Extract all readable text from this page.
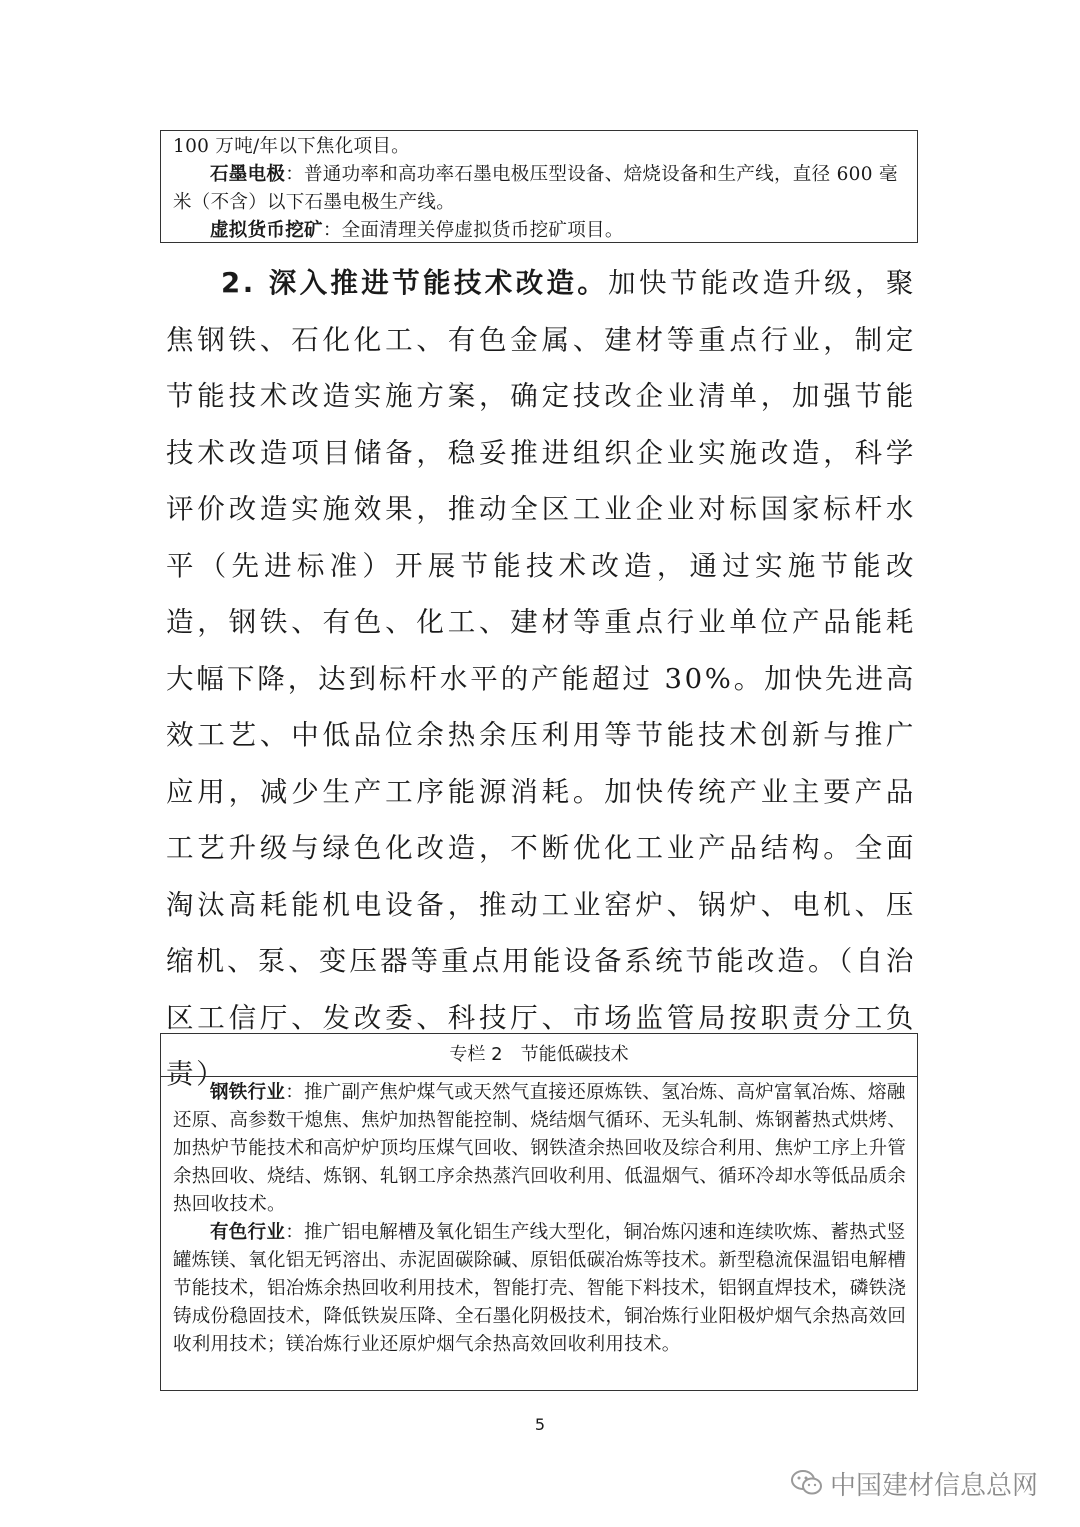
100 万吨/年以下焦化项目。

石墨电极：普通功率和高功率石墨电极压型设备、焙烧设备和生产线，直径 600 毫米（不含）以下石墨电极生产线。

虚拟货币挖矿：全面清理关停虚拟货币挖矿项目。

2. 深入推进节能技术改造。加快节能改造升级，聚焦钢铁、石化化工、有色金属、建材等重点行业，制定节能技术改造实施方案，确定技改企业清单，加强节能技术改造项目储备，稳妥推进组织企业实施改造，科学评价改造实施效果，推动全区工业企业对标国家标杆水平（先进标准）开展节能技术改造，通过实施节能改造，钢铁、有色、化工、建材等重点行业单位产品能耗大幅下降，达到标杆水平的产能超过 30%。加快先进高效工艺、中低品位余热余压利用等节能技术创新与推广应用，减少生产工序能源消耗。加快传统产业主要产品工艺升级与绿色化改造，不断优化工业产品结构。全面淘汰高耗能机电设备，推动工业窑炉、锅炉、电机、压缩机、泵、变压器等重点用能设备系统节能改造。（自治区工信厅、发改委、科技厅、市场监管局按职责分工负责）

专栏 2 节能低碳技术

钢铁行业：推广副产焦炉煤气或天然气直接还原炼铁、氢冶炼、高炉富氧冶炼、熔融还原、高参数干熄焦、焦炉加热智能控制、烧结烟气循环、无头轧制、炼钢蓄热式烘烤、加热炉节能技术和高炉炉顶均压煤气回收、钢铁渣余热回收及综合利用、焦炉工序上升管余热回收、烧结、炼钢、轧钢工序余热蒸汽回收利用、低温烟气、循环冷却水等低品质余热回收技术。

有色行业：推广铝电解槽及氧化铝生产线大型化，铜冶炼闪速和连续吹炼、蓄热式竖罐炼镁、氧化铝无钙溶出、赤泥固碳除碱、原铝低碳冶炼等技术。新型稳流保温铝电解槽节能技术，铝冶炼余热回收利用技术，智能打壳、智能下料技术，铝钢直焊技术，磷铁浇铸成份稳固技术，降低铁炭压降、全石墨化阴极技术，铜冶炼行业阳极炉烟气余热高效回收利用技术；镁冶炼行业还原炉烟气余热高效回收利用技术。

5
中国建材信息总网
